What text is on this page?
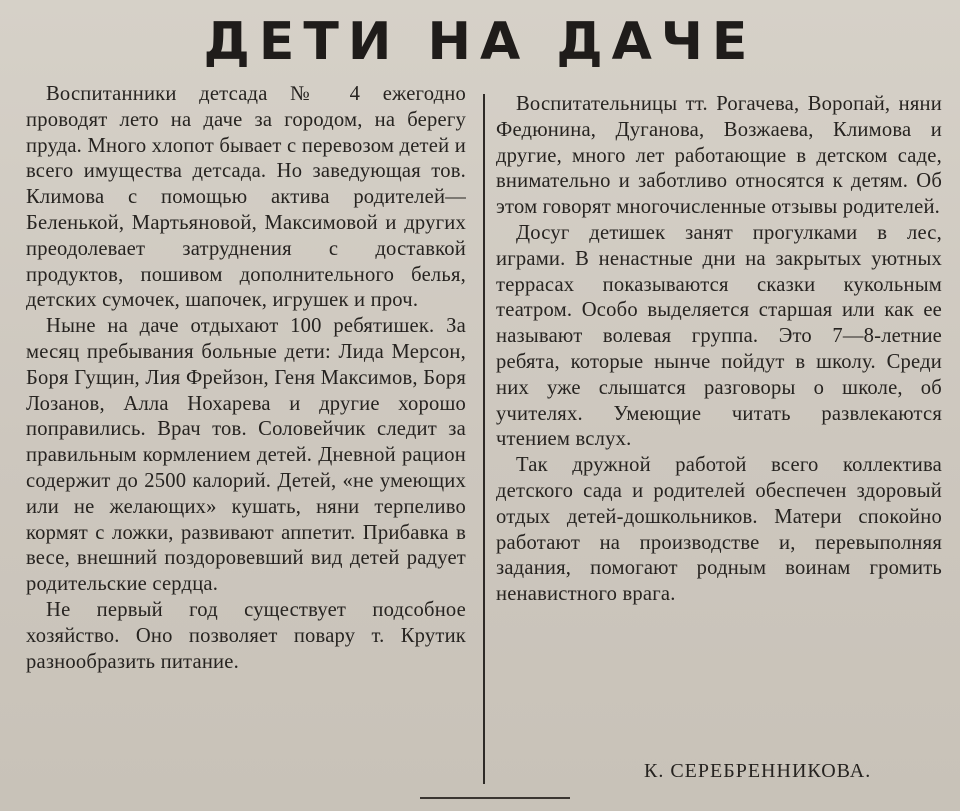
ДЕТИ НА ДАЧЕ

Воспитанники детсада № 4 ежегодно проводят лето на даче за городом, на берегу пруда. Много хлопот бывает с перевозом детей и всего имущества детсада. Но заведующая тов. Климова с помощью актива родителей—Беленькой, Мартьяновой, Максимовой и других преодолевает затруднения с доставкой продуктов, пошивом дополнительного белья, детских сумочек, шапочек, игрушек и проч.

Ныне на даче отдыхают 100 ребятишек. За месяц пребывания больные дети: Лида Мерсон, Боря Гущин, Лия Фрейзон, Геня Максимов, Боря Лозанов, Алла Нохарева и другие хорошо поправились. Врач тов. Соловейчик следит за правильным кормлением детей. Дневной рацион содержит до 2500 калорий. Детей, «не умеющих или не желающих» кушать, няни терпеливо кормят с ложки, развивают аппетит. Прибавка в весе, внешний поздоровевший вид детей радует родительские сердца.

Не первый год существует подсобное хозяйство. Оно позволяет повару т. Крутик разнообразить питание.

Воспитательницы тт. Рогачева, Воропай, няни Федюнина, Дуганова, Возжаева, Климова и другие, много лет работающие в детском саде, внимательно и заботливо относятся к детям. Об этом говорят многочисленные отзывы родителей.

Досуг детишек занят прогулками в лес, играми. В ненастные дни на закрытых уютных террасах показываются сказки кукольным театром. Особо выделяется старшая или как ее называют волевая группа. Это 7—8-летние ребята, которые нынче пойдут в школу. Среди них уже слышатся разговоры о школе, об учителях. Умеющие читать развлекаются чтением вслух.

Так дружной работой всего коллектива детского сада и родителей обеспечен здоровый отдых детей-дошкольников. Матери спокойно работают на производстве и, перевыполняя задания, помогают родным воинам громить ненавистного врага.

К. СЕРЕБРЕННИКОВА.
